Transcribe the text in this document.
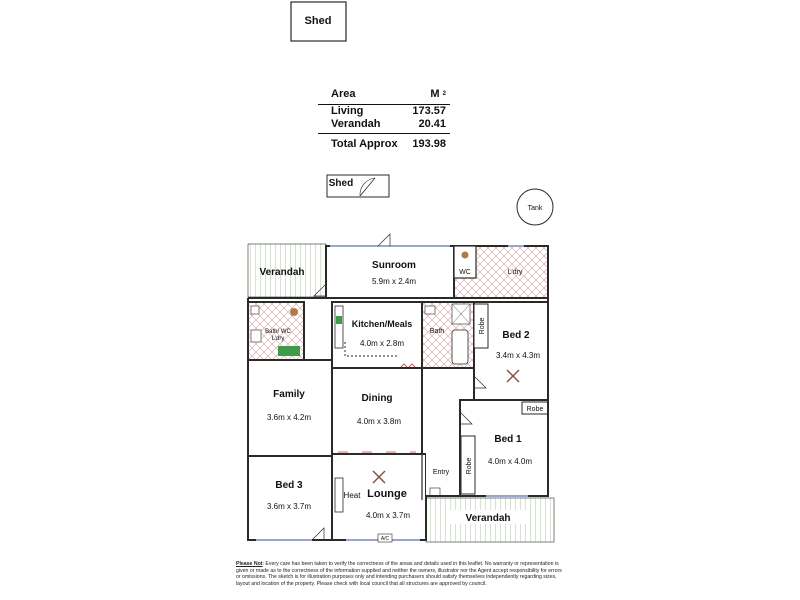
Shed
Shed
Tank
Verandah
Sunroom
5.9m x 2.4m
WC	L'dry
Bath/ WC
L'dry
Family
3.6m x 4.2m
Bed 3
3.6m x 3.7m
Kitchen/Meals
4.0m x 2.8m
Bath	Robe
Bed 2
3.4m x 4.3m
Dining
4.0m x 3.8m
Heat Lounge
4.0m x 3.7m
A/C
Entry
Robe
Robe
Bed 1
4.0m x 4.0m
Verandah
Area	M $^2$
Living	173.57
Verandah	20.41
Total Approx 193.98
Please Not: Every care has been taken to verify the correctness of the areas and details used in this leaflet. No warranty or representation is given or made as to the correctness of the information supplied and neither the owners, illustrator nor the Agent accept responsibility for errors or omissions. The sketch is for illustration purposes only and intending purchasers should satisfy themselves independently regarding sizes, layout and location of the property. Please check with local council that all structures are approved by council.
